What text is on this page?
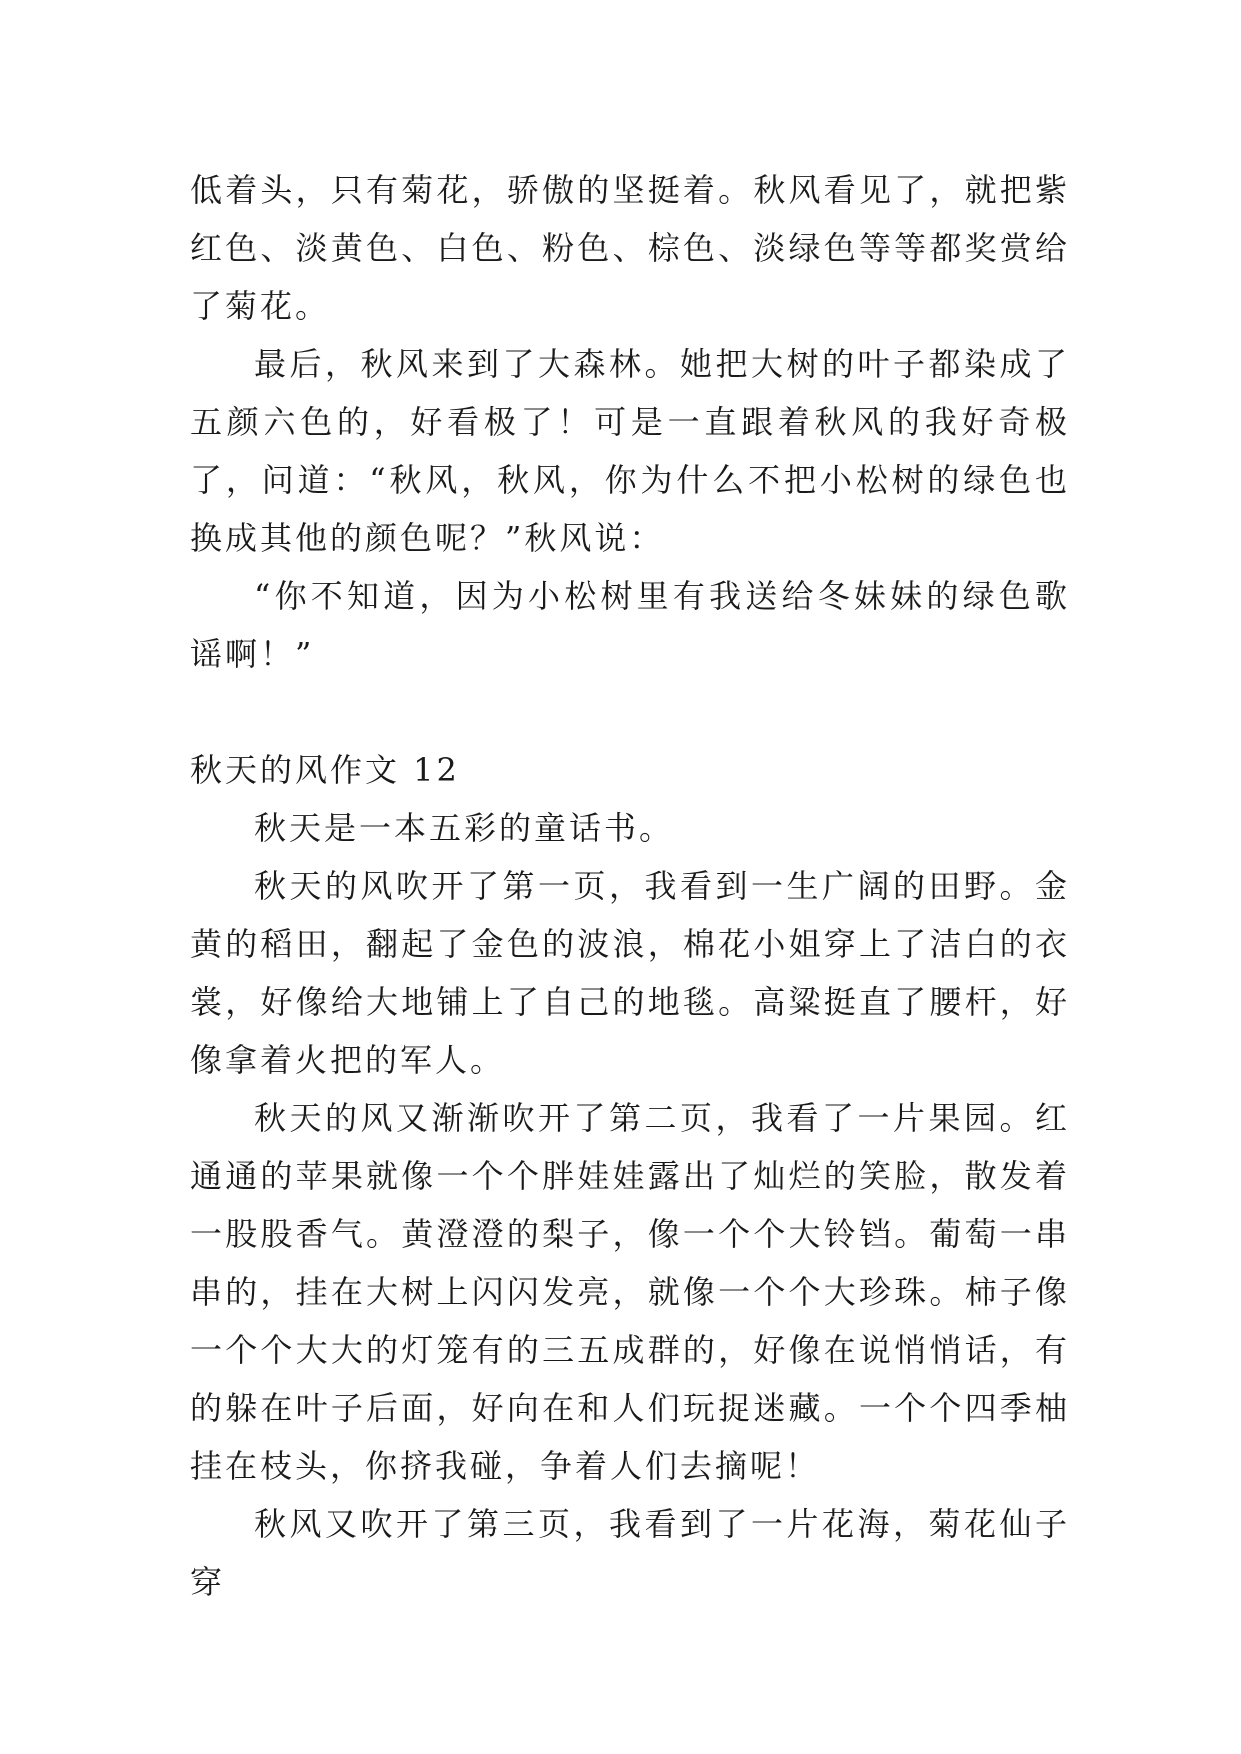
低着头，只有菊花，骄傲的坚挺着。秋风看见了，就把紫红色、淡黄色、白色、粉色、棕色、淡绿色等等都奖赏给了菊花。

最后，秋风来到了大森林。她把大树的叶子都染成了五颜六色的，好看极了！可是一直跟着秋风的我好奇极了，问道：“秋风，秋风，你为什么不把小松树的绿色也换成其他的颜色呢？”秋风说：

“你不知道，因为小松树里有我送给冬妹妹的绿色歌谣啊！”

秋天的风作文 12

秋天是一本五彩的童话书。

秋天的风吹开了第一页，我看到一生广阔的田野。金黄的稻田，翻起了金色的波浪，棉花小姐穿上了洁白的衣裳，好像给大地铺上了自己的地毯。高粱挺直了腰杆，好像拿着火把的军人。

秋天的风又渐渐吹开了第二页，我看了一片果园。红通通的苹果就像一个个胖娃娃露出了灿烂的笑脸，散发着一股股香气。黄澄澄的梨子，像一个个大铃铛。葡萄一串串的，挂在大树上闪闪发亮，就像一个个大珍珠。柿子像一个个大大的灯笼有的三五成群的，好像在说悄悄话，有的躲在叶子后面，好向在和人们玩捉迷藏。一个个四季柚挂在枝头，你挤我碰，争着人们去摘呢！

秋风又吹开了第三页，我看到了一片花海，菊花仙子穿
